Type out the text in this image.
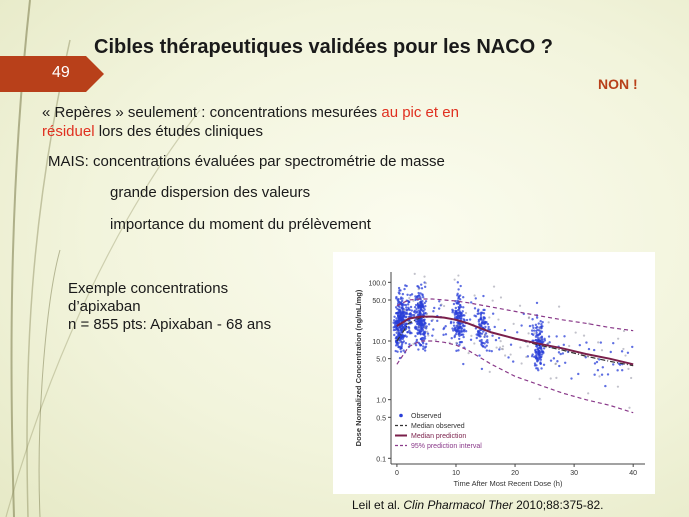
Cibles thérapeutiques validées pour les NACO ?
49
NON !
« Repères » seulement : concentrations mesurées au pic et en
résiduel lors des études cliniques
MAIS: concentrations évaluées par spectrométrie de masse
grande dispersion des valeurs
importance du moment du prélèvement
Exemple concentrations
d’apixaban
n = 855 pts: Apixaban - 68 ans
0.1
0.5
1.0
5.0
10.0
50.0
100.0
0	10	20	30	40
Time After Most Recent Dose (h)
Dose Normalized Concentration (ng/mL/mg)	Observed
Median observed
Median prediction
95% prediction interval
Leil et al. Clin Pharmacol Ther 2010;88:375-82.
